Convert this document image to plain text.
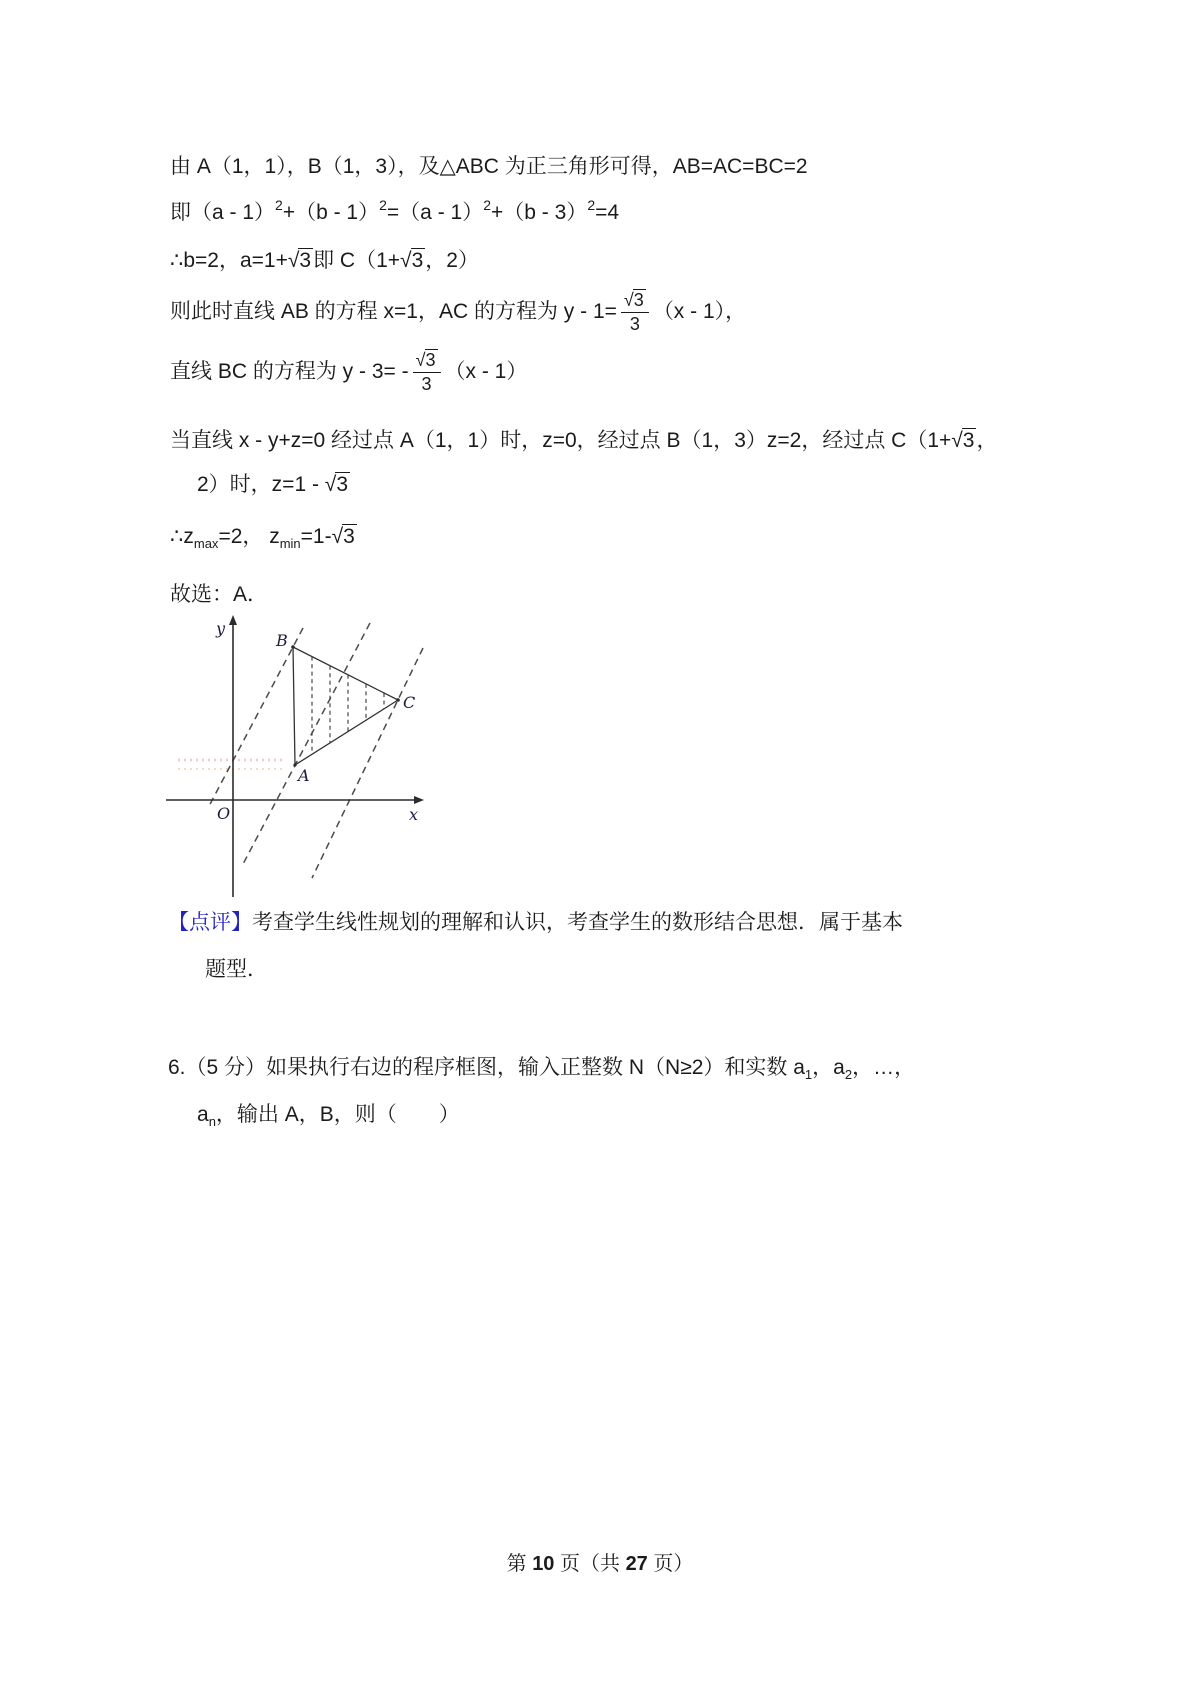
由 A（1，1），B（1，3），及△ABC 为正三角形可得，AB=AC=BC=2
即（a - 1）$^2$+（b - 1）$^2$=（a - 1）$^2$+（b - 3）$^2$=4
∴b=2，a=1+√3即 C（1+√3，2）
则此时直线 AB 的方程 x=1，AC 的方程为 $y - 1= \frac{√3}{3} (x - 1)$，
直线 BC 的方程为 $y - 3= - \frac{√3}{3} (x - 1)$
当直线 x - y+z=0 经过点 A（1，1）时，z=0，经过点 B（1，3）z=2，经过点 C（1+√3，
2）时，z=1 - √3
$\therefore z_{max}=2$， $z_{min}=1-√3$
故选：A．
y
x
O
B
C
A
【点评】考查学生线性规划的理解和认识，考查学生的数形结合思想．属于基本
题型．
6.（5 分）如果执行右边的程序框图，输入正整数 N（N≥2）和实数 $a_1$，$a_2$，…，
$a_n$，输出 A，B，则（　　）
第 10 页（共 27 页）
